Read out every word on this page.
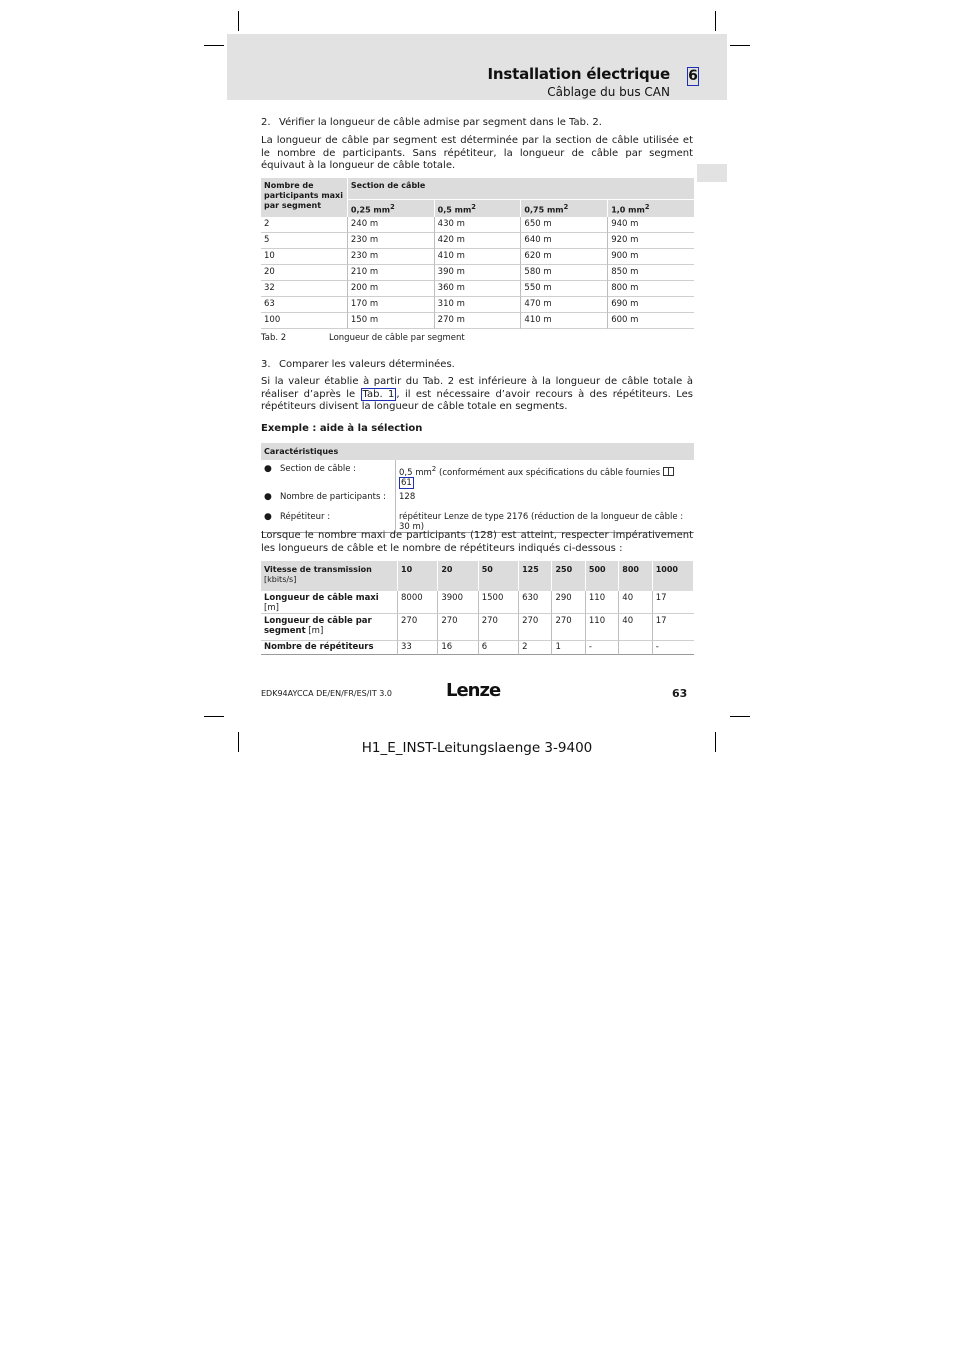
Installation électrique 6
Câblage du bus CAN
2. Vérifier la longueur de câble admise par segment dans le Tab. 2.

La longueur de câble par segment est déterminée par la section de câble utilisée et le nombre de participants. Sans répétiteur, la longueur de câble par segment équivaut à la longueur de câble totale.

Nombre de participants maxi par segment	Section de câble			
	0,25 $mm^2$	0,5 $mm^2$	0,75 $mm^2$	1,0 $mm^2$
2	240 m	430 m	650 m	940 m
5	230 m	420 m	640 m	920 m
10	230 m	410 m	620 m	900 m
20	210 m	390 m	580 m	850 m
32	200 m	360 m	550 m	800 m
63	170 m	310 m	470 m	690 m
100	150 m	270 m	410 m	600 m
Tab. 2	Longueur de câble par segment
3. Comparer les valeurs déterminées.

Si la valeur établie à partir du Tab. 2 est inférieure à la longueur de câble totale à réaliser d’après le Tab. 1 , il est nécessaire d’avoir recours à des répétiteurs. Les répétiteurs divisent la longueur de câble totale en segments.

Exemple : aide à la sélection
Caractéristiques	
● Section de câble :	0,5 $mm^2$ (conformément aux spécifications du câble fournies
61
● Nombre de participants :	128
● Répétiteur :	répétiteur Lenze de type 2176 (réduction de la longueur de câble : 30 m)

Lorsque le nombre maxi de participants (128) est atteint, respecter impérativement les longueurs de câble et le nombre de répétiteurs indiqués ci-dessous :

Vitesse de transmission
[kbits/s]	10	20	50	125	250	500	800	1000
Longueur de câble maxi [m]	8000	3900	1500	630	290	110	40	17
Longueur de câble par segment [m]	270	270	270	270	270	110	40	17
Nombre de répétiteurs	33	16	6	2	1	-		-
EDK94AYCCA DE/EN/FR/ES/IT 3.0	Lenze	63
H1_E_INST-Leitungslaenge 3-9400
